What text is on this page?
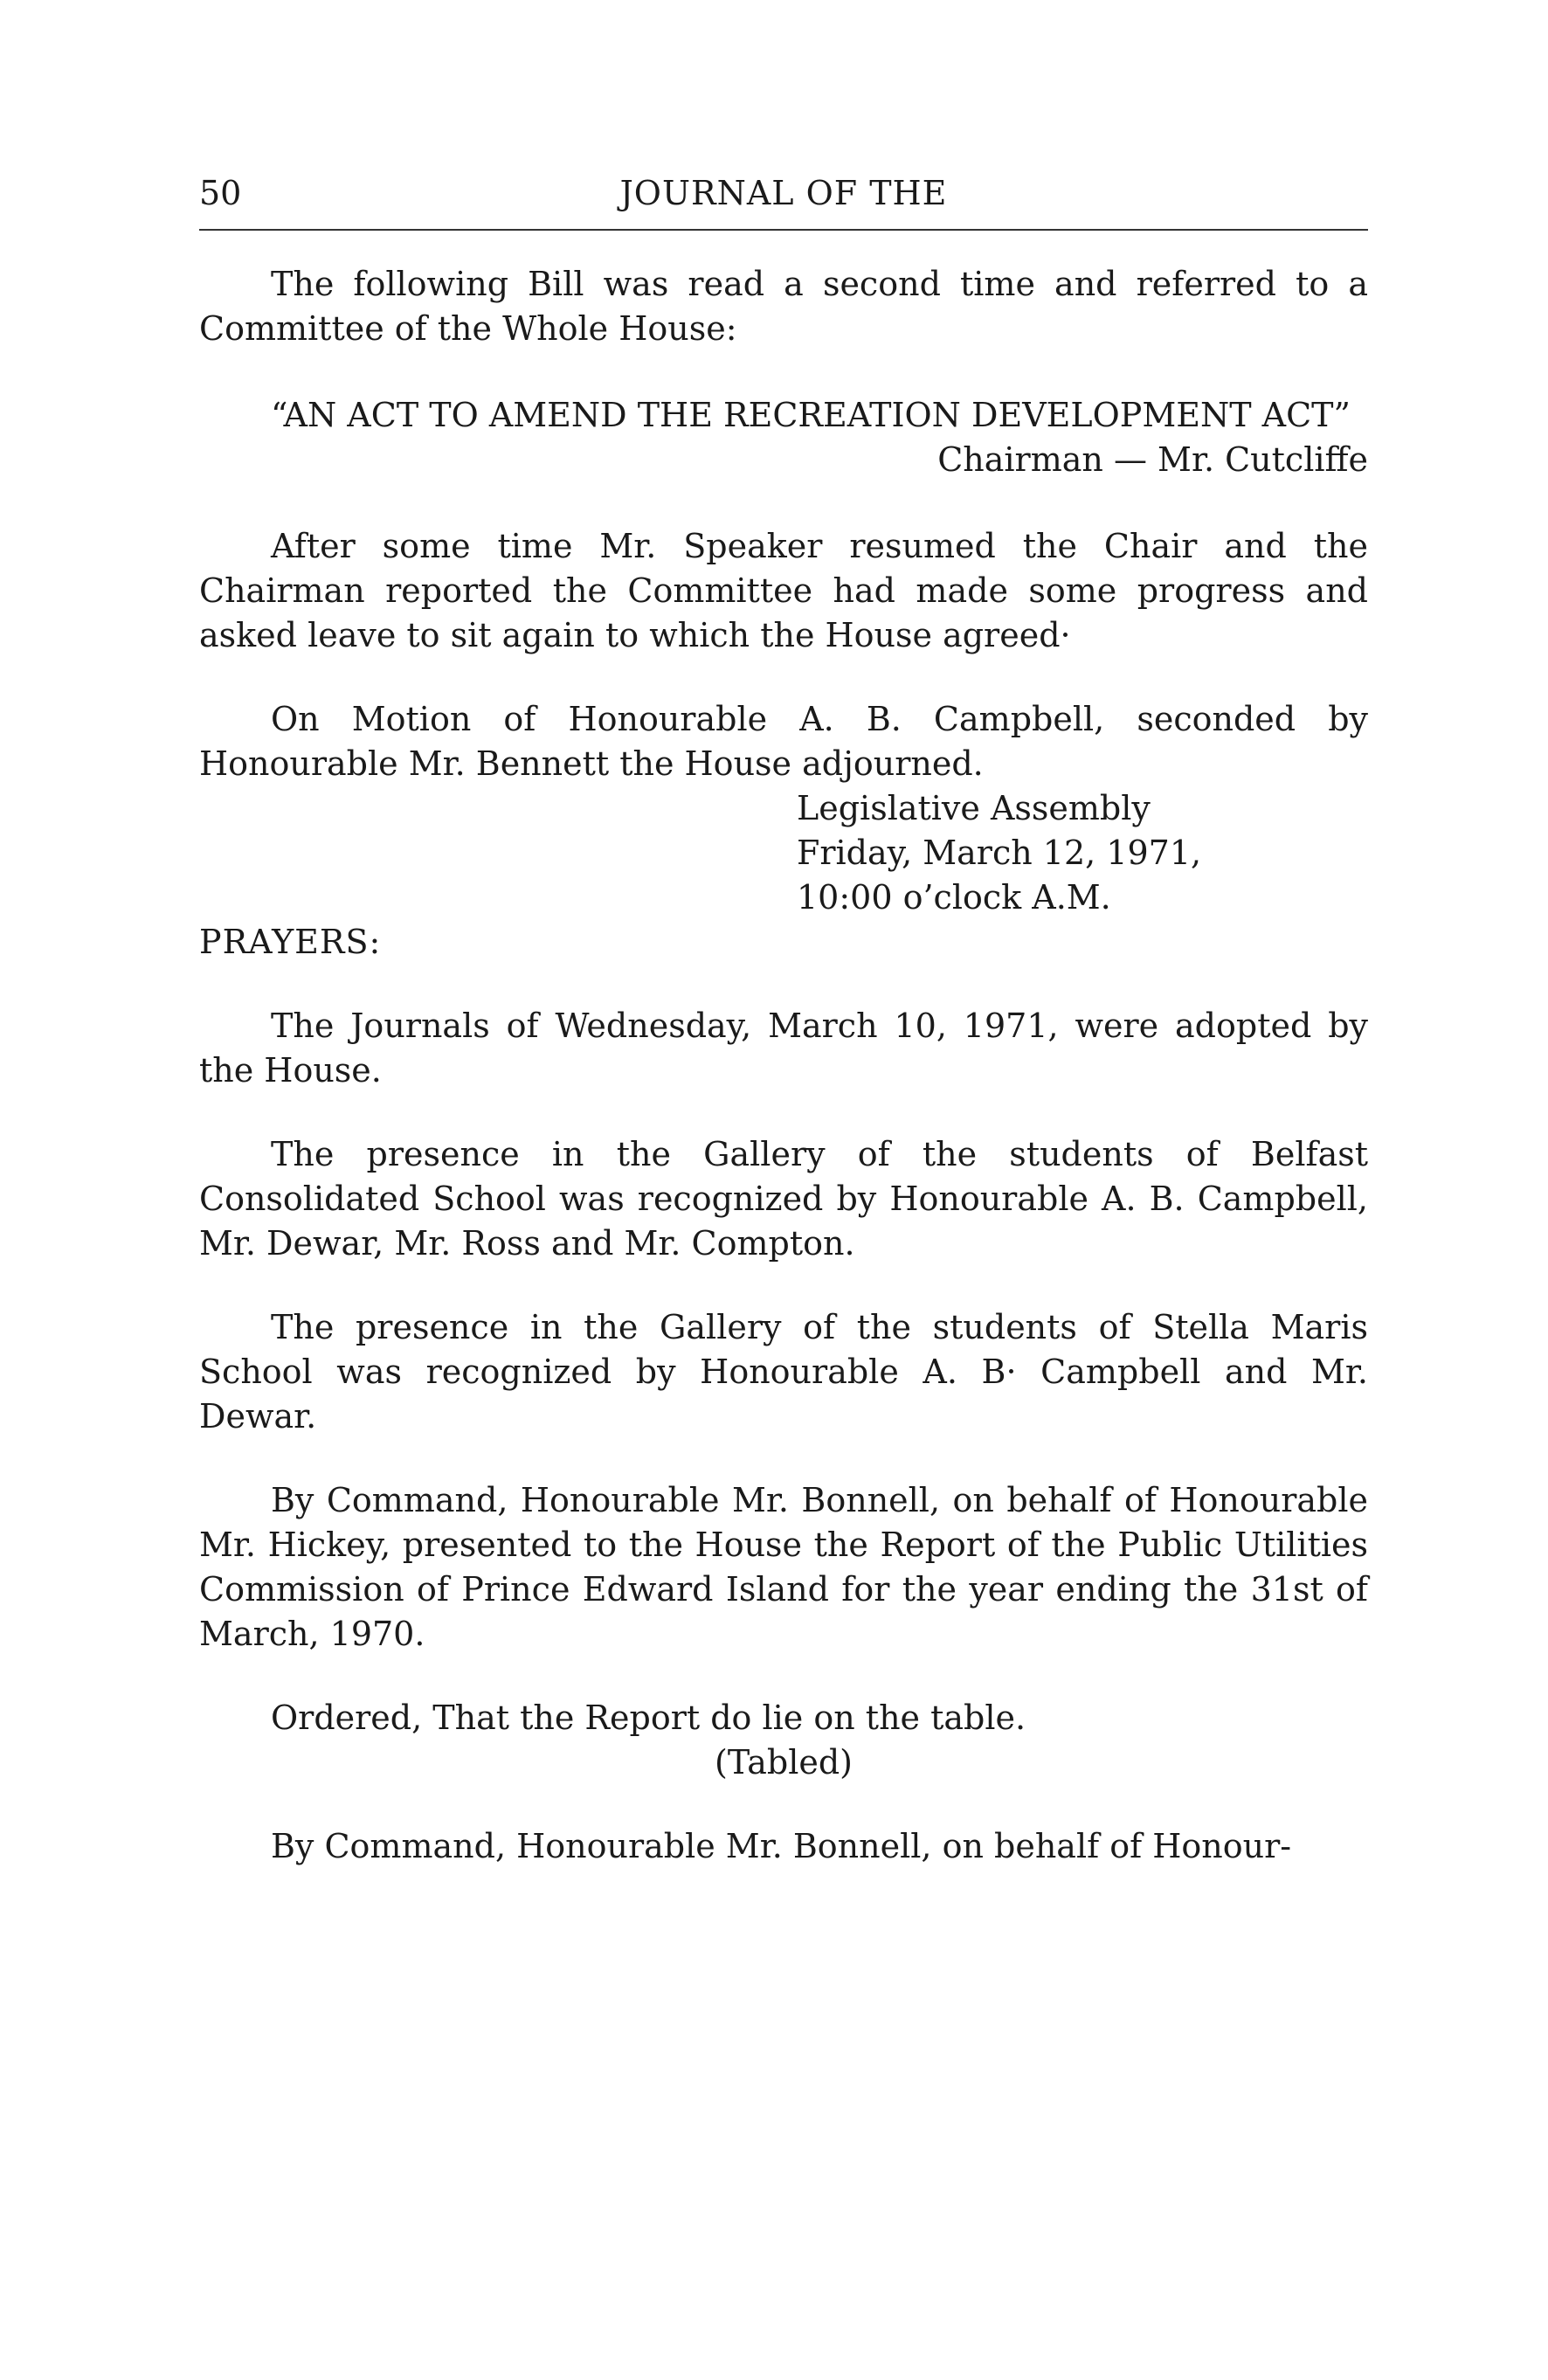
50	JOURNAL OF THE

The following Bill was read a second time and referred to a Committee of the Whole House:

“AN ACT TO AMEND THE RECREATION DEVELOPMENT ACT”

Chairman — Mr. Cutcliffe

After some time Mr. Speaker resumed the Chair and the Chairman reported the Committee had made some progress and asked leave to sit again to which the House agreed·

On Motion of Honourable A. B. Campbell, seconded by Honourable Mr. Bennett the House adjourned.

Legislative Assembly
Friday, March 12, 1971,
10:00 o’clock A.M.

PRAYERS:

The Journals of Wednesday, March 10, 1971, were adopted by the House.

The presence in the Gallery of the students of Belfast Consolidated School was recognized by Honourable A. B. Campbell, Mr. Dewar, Mr. Ross and Mr. Compton.

The presence in the Gallery of the students of Stella Maris School was recognized by Honourable A. B· Campbell and Mr. Dewar.

By Command, Honourable Mr. Bonnell, on behalf of Honourable Mr. Hickey, presented to the House the Report of the Public Utilities Commission of Prince Edward Island for the year ending the 31st of March, 1970.

Ordered, That the Report do lie on the table.

(Tabled)

By Command, Honourable Mr. Bonnell, on behalf of Honour-
